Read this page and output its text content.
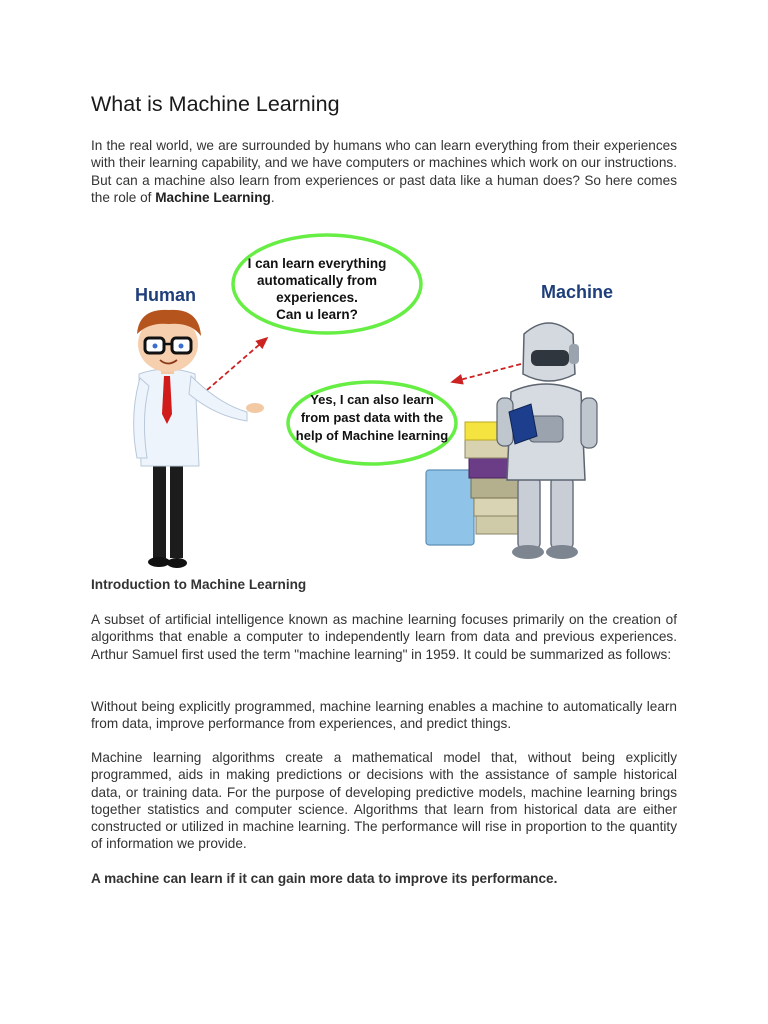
What is Machine Learning

In the real world, we are surrounded by humans who can learn everything from their experiences with their learning capability, and we have computers or machines which work on our instructions. But can a machine also learn from experiences or past data like a human does? So here comes the role of Machine Learning.

Introduction to Machine Learning

A subset of artificial intelligence known as machine learning focuses primarily on the creation of algorithms that enable a computer to independently learn from data and previous experiences. Arthur Samuel first used the term "machine learning" in 1959. It could be summarized as follows:

Without being explicitly programmed, machine learning enables a machine to automatically learn from data, improve performance from experiences, and predict things.

Machine learning algorithms create a mathematical model that, without being explicitly programmed, aids in making predictions or decisions with the assistance of sample historical data, or training data. For the purpose of developing predictive models, machine learning brings together statistics and computer science. Algorithms that learn from historical data are either constructed or utilized in machine learning. The performance will rise in proportion to the quantity of information we provide.

A machine can learn if it can gain more data to improve its performance.

Human	Machine
I can learn everything
automatically from
experiences.
Can u learn?
Yes, I can also learn
from past data with the
help of Machine learning
